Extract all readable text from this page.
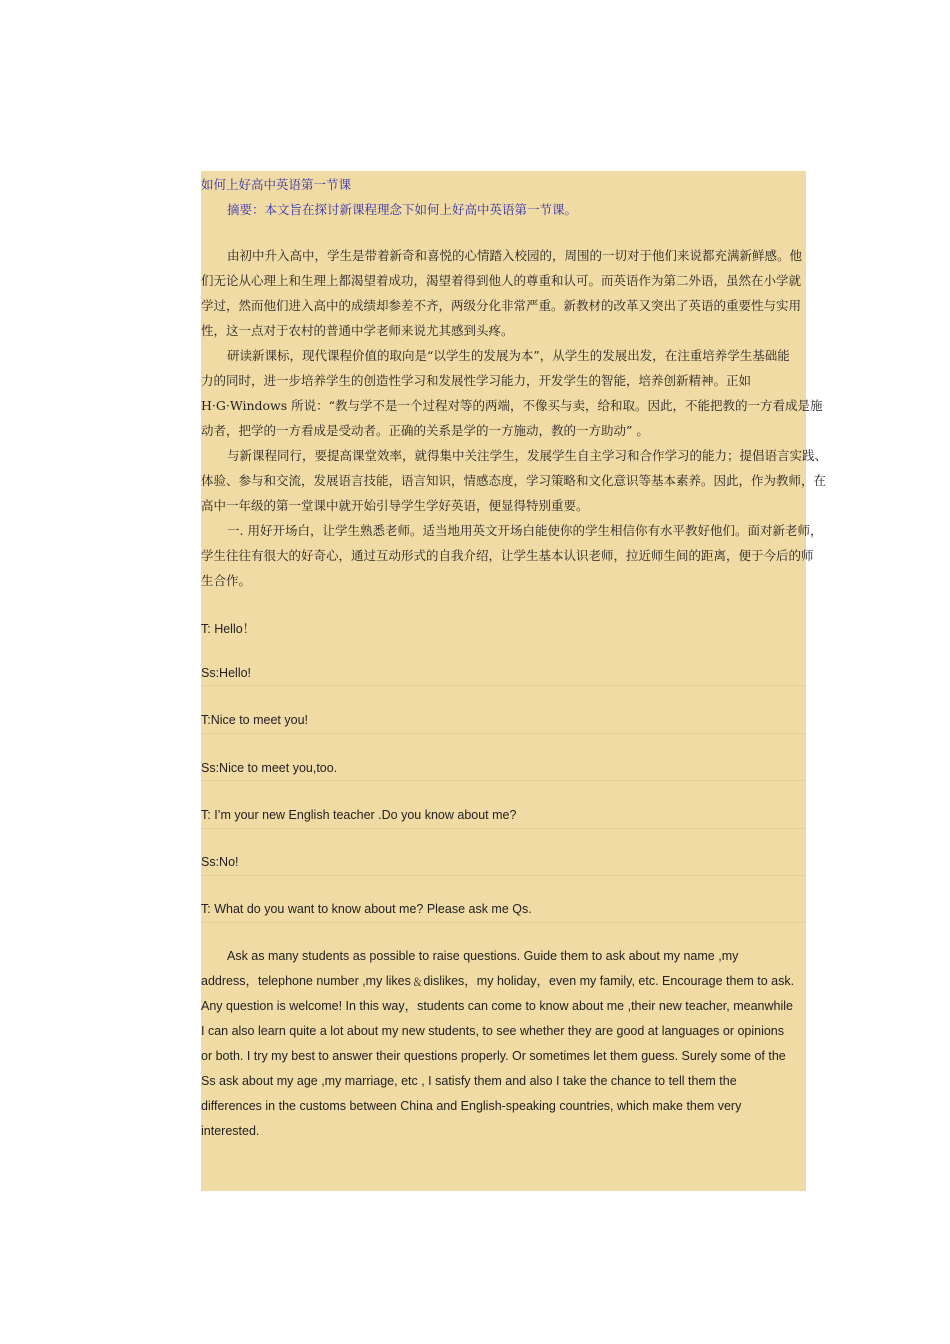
如何上好高中英语第一节课
摘要：本文旨在探讨新课程理念下如何上好高中英语第一节课。
由初中升入高中，学生是带着新奇和喜悦的心情踏入校园的，周围的一切对于他们来说都充满新鲜感。他
们无论从心理上和生理上都渴望着成功，渴望着得到他人的尊重和认可。而英语作为第二外语，虽然在小学就
学过，然而他们进入高中的成绩却参差不齐，两级分化非常严重。新教材的改革又突出了英语的重要性与实用
性，这一点对于农村的普通中学老师来说尤其感到头疼。
研读新课标，现代课程价值的取向是“以学生的发展为本”，从学生的发展出发，在注重培养学生基础能
力的同时，进一步培养学生的创造性学习和发展性学习能力，开发学生的智能，培养创新精神。正如
H·G·Windows 所说：“教与学不是一个过程对等的两端，不像买与卖，给和取。因此，不能把教的一方看成是施
动者，把学的一方看成是受动者。正确的关系是学的一方施动，教的一方助动” 。
与新课程同行，要提高课堂效率，就得集中关注学生，发展学生自主学习和合作学习的能力；提倡语言实践、
体验、参与和交流，发展语言技能，语言知识，情感态度，学习策略和文化意识等基本素养。因此，作为教师，在
高中一年级的第一堂课中就开始引导学生学好英语，便显得特别重要。
一. 用好开场白，让学生熟悉老师。适当地用英文开场白能使你的学生相信你有水平教好他们。面对新老师，
学生往往有很大的好奇心，通过互动形式的自我介绍，让学生基本认识老师，拉近师生间的距离，便于今后的师
生合作。
T: Hello！
Ss:Hello!
T:Nice to meet you!
Ss:Nice to meet you,too.
T: I’m your new English teacher .Do you know about me?
Ss:No!
T: What do you want to know about me? Please ask me Qs.
Ask as many students as possible to raise questions. Guide them to ask about my name ,my
address，telephone number ,my likes﹠dislikes，my holiday，even my family, etc. Encourage them to ask.
Any question is welcome! In this way，students can come to know about me ,their new teacher, meanwhile
I can also learn quite a lot about my new students, to see whether they are good at languages or opinions
or both. I try my best to answer their questions properly. Or sometimes let them guess. Surely some of the
Ss ask about my age ,my marriage, etc , I satisfy them and also I take the chance to tell them the
differences in the customs between China and English-speaking countries, which make them very
interested.
